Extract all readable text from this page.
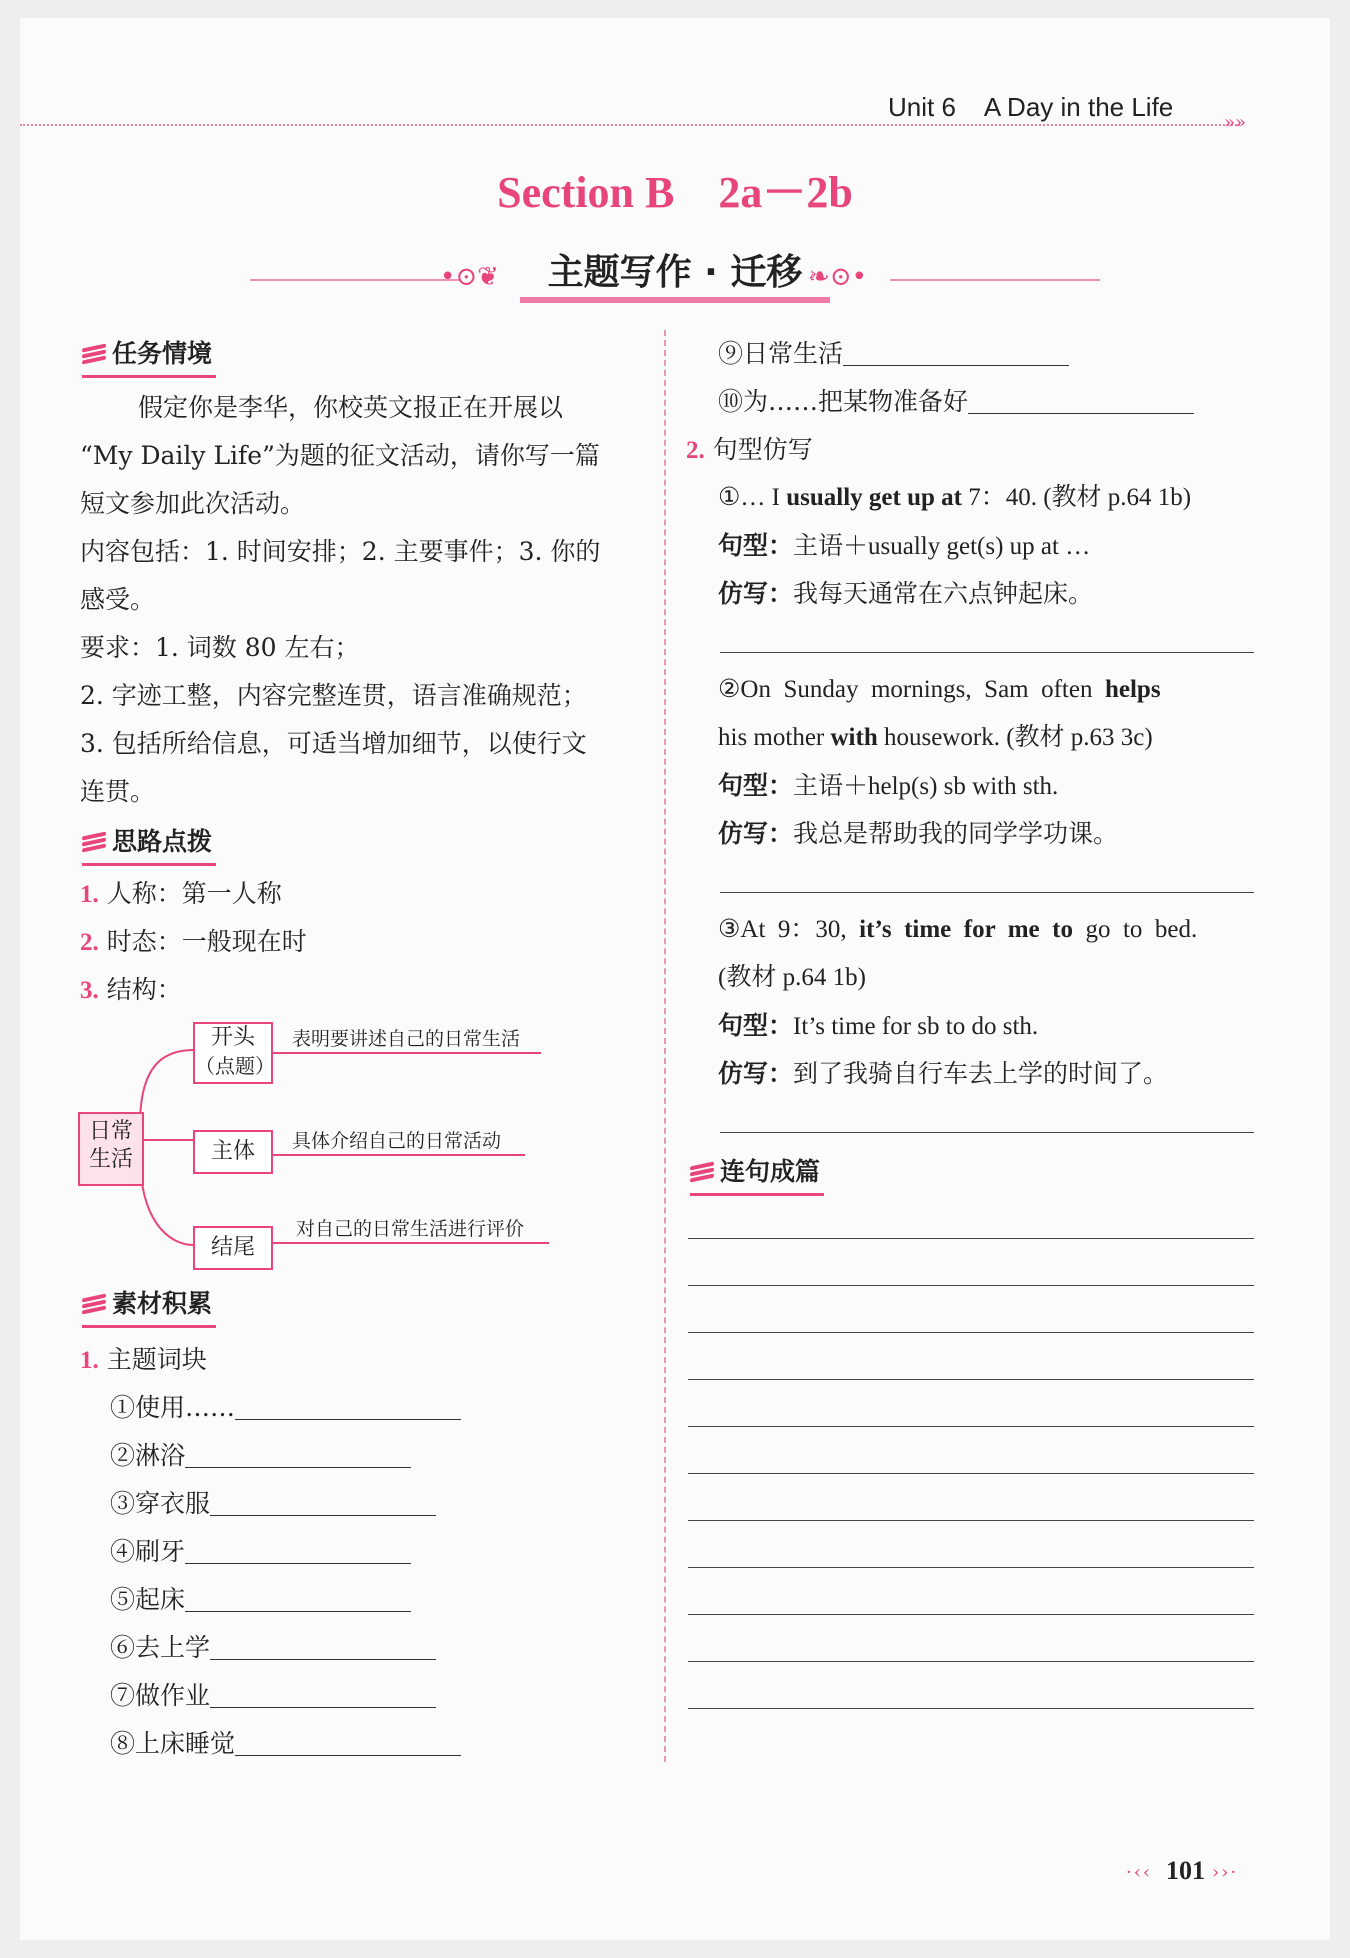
Unit 6 A Day in the Life
»»
Section B    2a－2b
•⊙❦	主题写作 · 迁移 ❧⊙•
任务情境
假定你是李华，你校英文报正在开展以
“My Daily Life”为题的征文活动，请你写一篇
短文参加此次活动。
内容包括：1. 时间安排；2. 主要事件；3. 你的
感受。
要求：1. 词数 80 左右；
2. 字迹工整，内容完整连贯，语言准确规范；
3. 包括所给信息，可适当增加细节，以使行文
连贯。
思路点拨
1. 人称：第一人称
2. 时态：一般现在时
3. 结构：
日常
生活
开头
（点题）
表明要讲述自己的日常生活
主体	具体介绍自己的日常活动
结尾
对自己的日常生活进行评价
素材积累
1. 主题词块
①使用……
②淋浴
③穿衣服
④刷牙
⑤起床
⑥去上学
⑦做作业
⑧上床睡觉
⑨日常生活
⑩为……把某物准备好
2. 句型仿写
①… I usually get up at 7：40. (教材 p.64 1b)
句型：主语＋usually get(s) up at …
仿写：我每天通常在六点钟起床。
②On  Sunday  mornings,  Sam  often  helps
his mother with housework. (教材 p.63 3c)
句型：主语＋help(s) sb with sth.
仿写：我总是帮助我的同学学功课。
③At  9：30,  it’s  time  for  me  to  go  to  bed.
(教材 p.64 1b)
句型：It’s time for sb to do sth.
仿写：到了我骑自行车去上学的时间了。
连句成篇
·‹‹ 101 ››·
